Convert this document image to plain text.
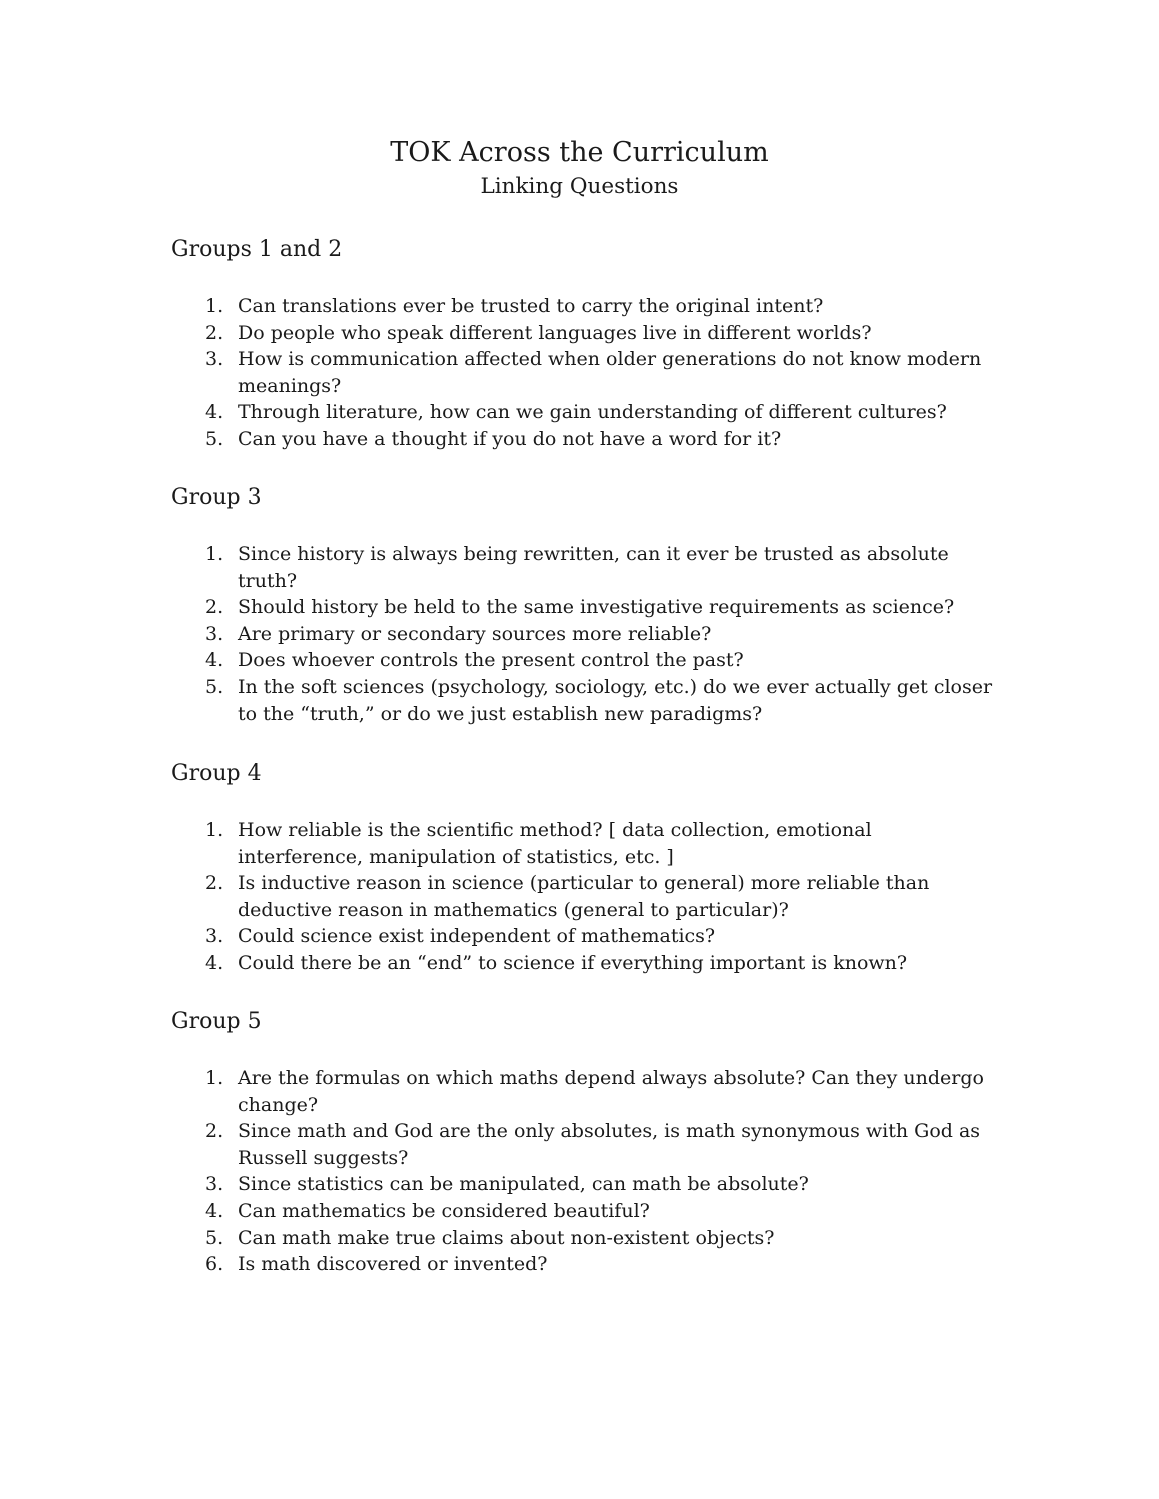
TOK Across the Curriculum
Linking Questions
Groups 1 and 2
1. Can translations ever be trusted to carry the original intent?
2. Do people who speak different languages live in different worlds?
3. How is communication affected when older generations do not know modern meanings?
4. Through literature, how can we gain understanding of different cultures?
5. Can you have a thought if you do not have a word for it?
Group 3
1. Since history is always being rewritten, can it ever be trusted as absolute truth?
2. Should history be held to the same investigative requirements as science?
3. Are primary or secondary sources more reliable?
4. Does whoever controls the present control the past?
5. In the soft sciences (psychology, sociology, etc.) do we ever actually get closer to the “truth,” or do we just establish new paradigms?
Group 4
1. How reliable is the scientific method? [ data collection, emotional interference, manipulation of statistics, etc. ]
2. Is inductive reason in science (particular to general) more reliable than deductive reason in mathematics (general to particular)?
3. Could science exist independent of mathematics?
4. Could there be an “end” to science if everything important is known?
Group 5
1. Are the formulas on which maths depend always absolute? Can they undergo change?
2. Since math and God are the only absolutes, is math synonymous with God as Russell suggests?
3. Since statistics can be manipulated, can math be absolute?
4. Can mathematics be considered beautiful?
5. Can math make true claims about non-existent objects?
6. Is math discovered or invented?
